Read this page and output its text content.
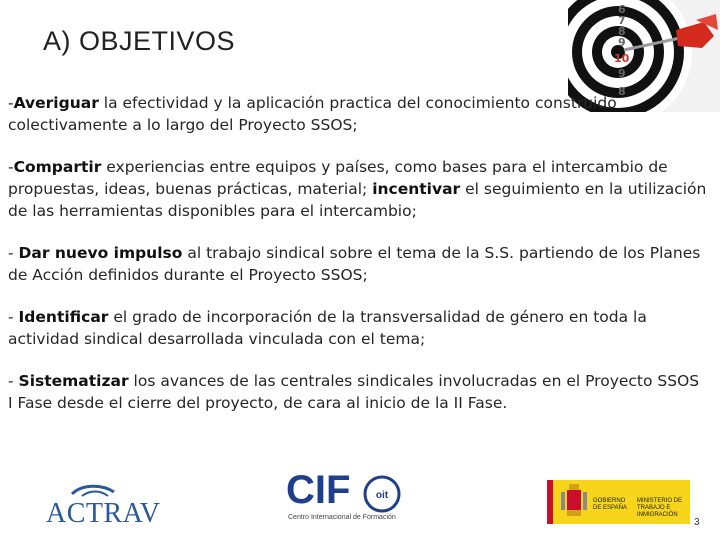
A) OBJETIVOS
6
7
8
9
10
9
8

-Averiguar la efectividad y la aplicación practica del conocimiento construido colectivamente a lo largo del Proyecto SSOS;

-Compartir experiencias entre equipos y países, como bases para el intercambio de propuestas, ideas, buenas prácticas, material; incentivar el seguimiento en la utilización de las herramientas disponibles para el intercambio;

- Dar nuevo impulso al trabajo sindical sobre el tema de la S.S. partiendo de los Planes de Acción definidos durante el Proyecto SSOS;

- Identificar el grado de incorporación de la transversalidad de género en toda la actividad sindical desarrollada vinculada con el tema;

- Sistematizar los avances de las centrales sindicales involucradas en el Proyecto SSOS I Fase desde el cierre del proyecto, de cara al inicio de la II Fase.

ACTRAV
CIF	oit
Centro Internacional de Formación
GOBIERNO DE ESPAÑA
MINISTERIO DE TRABAJO E INMIGRACIÓN
3
